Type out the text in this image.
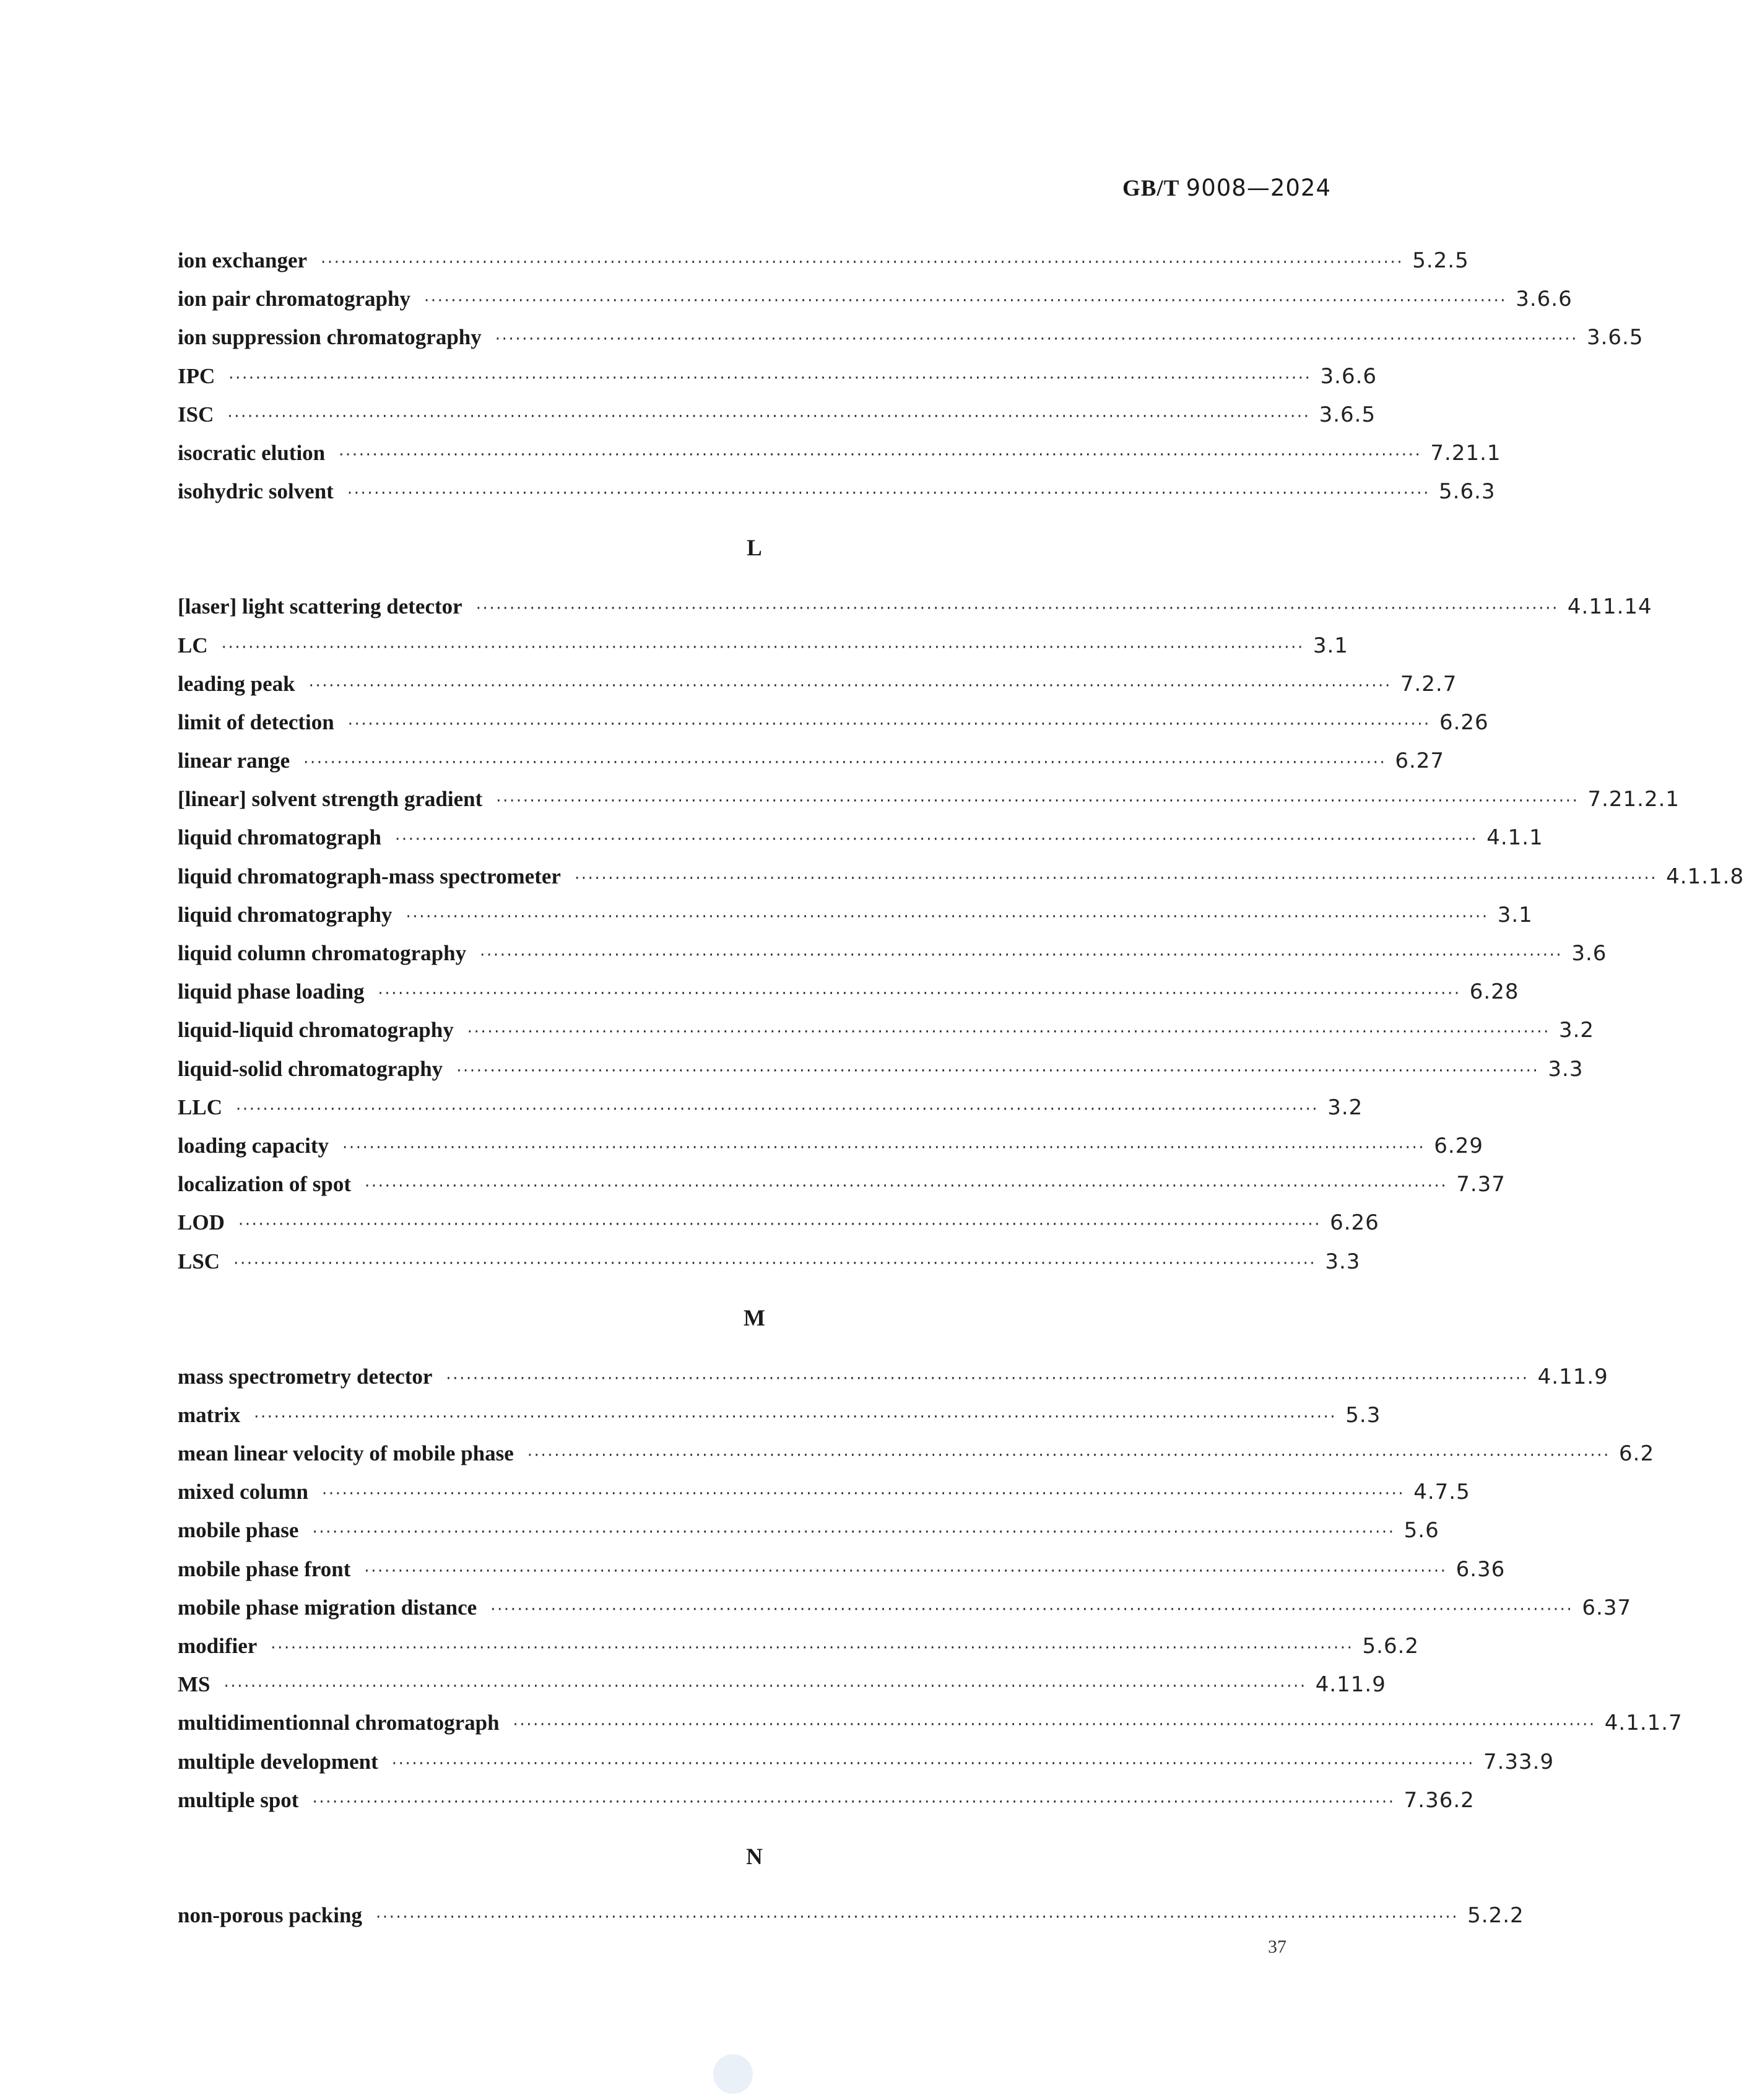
GB/T 9008—2024
ion exchanger ································································································································································· 5.2.5
ion pair chromatography ································································································································································· 3.6.6
ion suppression chromatography ································································································································································· 3.6.5
IPC ································································································································································· 3.6.6
ISC ································································································································································· 3.6.5
isocratic elution ································································································································································· 7.21.1
isohydric solvent ································································································································································· 5.6.3
L
[laser] light scattering detector ································································································································································· 4.11.14
LC ································································································································································· 3.1
leading peak ································································································································································· 7.2.7
limit of detection ································································································································································· 6.26
linear range ································································································································································· 6.27
[linear] solvent strength gradient ································································································································································· 7.21.2.1
liquid chromatograph ································································································································································· 4.1.1
liquid chromatograph-mass spectrometer ································································································································································· 4.1.1.8
liquid chromatography ································································································································································· 3.1
liquid column chromatography ································································································································································· 3.6
liquid phase loading ································································································································································· 6.28
liquid-liquid chromatography ································································································································································· 3.2
liquid-solid chromatography ································································································································································· 3.3
LLC ································································································································································· 3.2
loading capacity ································································································································································· 6.29
localization of spot ································································································································································· 7.37
LOD ································································································································································· 6.26
LSC ································································································································································· 3.3
M
mass spectrometry detector ································································································································································· 4.11.9
matrix ································································································································································· 5.3
mean linear velocity of mobile phase ································································································································································· 6.2
mixed column ································································································································································· 4.7.5
mobile phase ································································································································································· 5.6
mobile phase front ································································································································································· 6.36
mobile phase migration distance ································································································································································· 6.37
modifier ································································································································································· 5.6.2
MS ································································································································································· 4.11.9
multidimentionnal chromatograph ································································································································································· 4.1.1.7
multiple development ································································································································································· 7.33.9
multiple spot ································································································································································· 7.36.2
N
non-porous packing ································································································································································· 5.2.2
37
